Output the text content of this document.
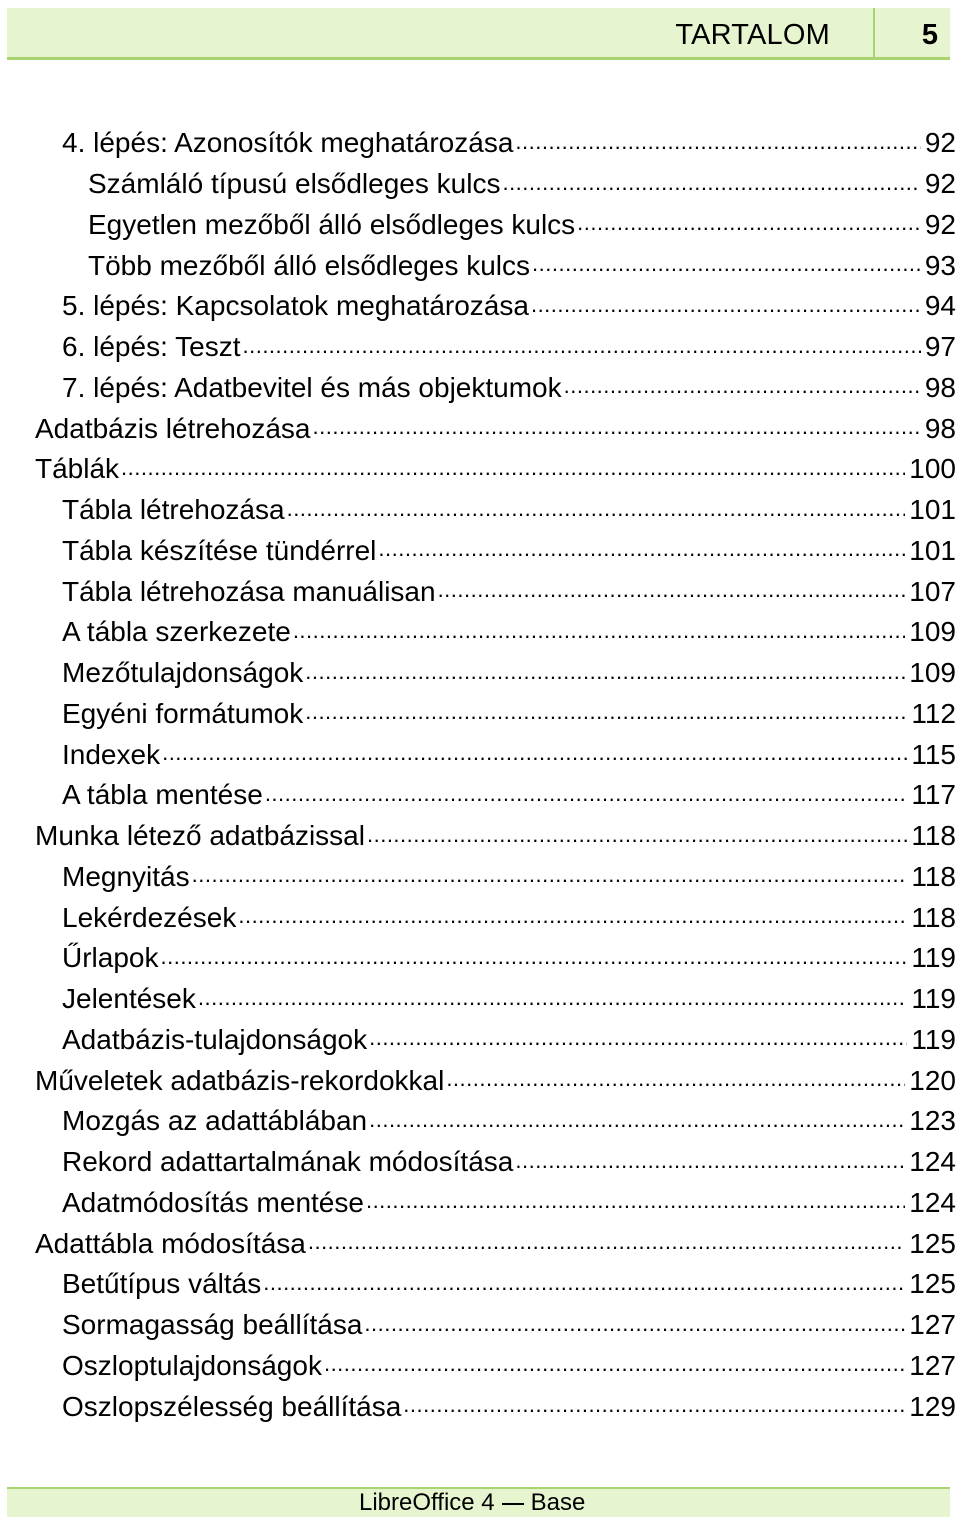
TARTALOM	5
4. lépés: Azonosítók meghatározása .....	92
Számláló típusú elsődleges kulcs .....	92
Egyetlen mezőből álló elsődleges kulcs .....	92
Több mezőből álló elsődleges kulcs .....	93
5. lépés: Kapcsolatok meghatározása .....	94
6. lépés: Teszt .....	97
7. lépés: Adatbevitel és más objektumok .....	98
Adatbázis létrehozása .....	98
Táblák .....	100
Tábla létrehozása .....	101
Tábla készítése tündérrel .....	101
Tábla létrehozása manuálisan .....	107
A tábla szerkezete .....	109
Mezőtulajdonságok .....	109
Egyéni formátumok .....	112
Indexek .....	115
A tábla mentése .....	117
Munka létező adatbázissal .....	118
Megnyitás .....	118
Lekérdezések .....	118
Űrlapok .....	119
Jelentések .....	119
Adatbázis-tulajdonságok .....	119
Műveletek adatbázis-rekordokkal .....	120
Mozgás az adattáblában .....	123
Rekord adattartalmának módosítása .....	124
Adatmódosítás mentése .....	124
Adattábla módosítása .....	125
Betűtípus váltás .....	125
Sormagasság beállítása .....	127
Oszloptulajdonságok .....	127
Oszlopszélesség beállítása .....	129
LibreOffice 4 Base
